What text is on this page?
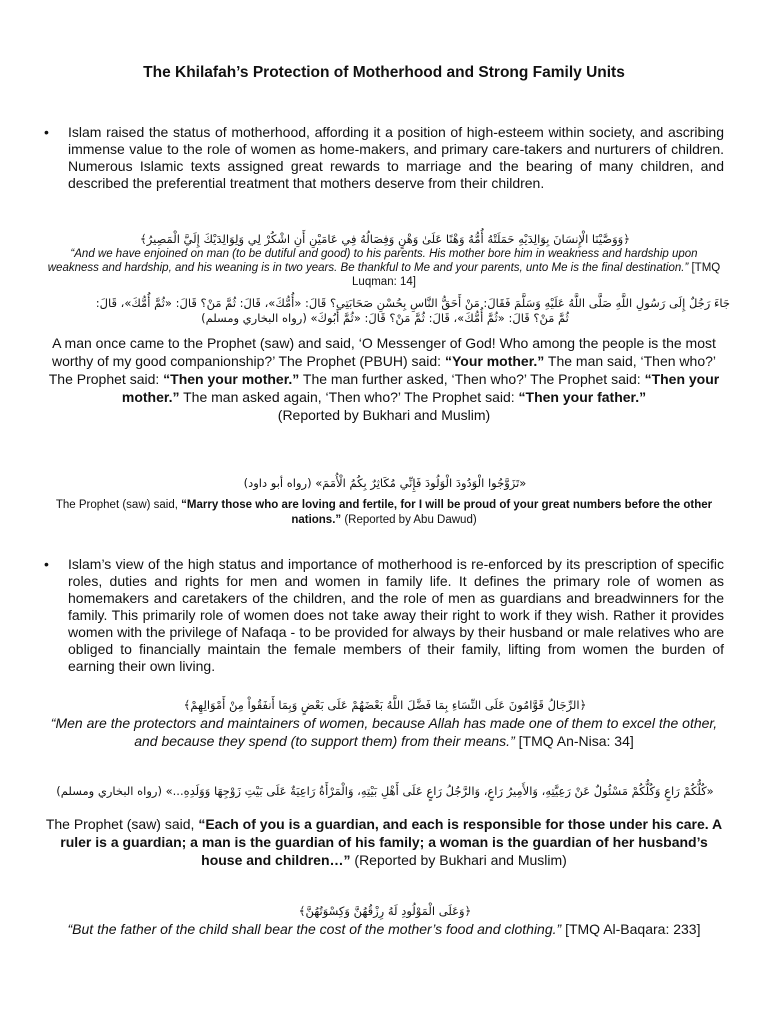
The Khilafah’s Protection of Motherhood and Strong Family Units
• Islam raised the status of motherhood, affording it a position of high-esteem within society, and ascribing immense value to the role of women as home-makers, and primary care-takers and nurturers of children. Numerous Islamic texts assigned great rewards to marriage and the bearing of many children, and described the preferential treatment that mothers deserve from their children.
﴿وَوَصَّيْنَا الْإِنسَانَ بِوَالِدَيْهِ حَمَلَتْهُ أُمُّهُ وَهْنًا عَلَىٰ وَهْنٍ وَفِصَالُهُ فِي عَامَيْنِ أَنِ اشْكُرْ لِي وَلِوَالِدَيْكَ إِلَيَّ الْمَصِيرُ﴾
“And we have enjoined on man (to be dutiful and good) to his parents. His mother bore him in weakness and hardship upon weakness and hardship, and his weaning is in two years. Be thankful to Me and your parents, unto Me is the final destination.” [TMQ Luqman: 14]
جَاءَ رَجُلٌ إِلَى رَسُولِ اللَّهِ صَلَّى اللَّهُ عَلَيْهِ وَسَلَّمَ فَقَالَ: مَنْ أَحَقُّ النَّاسِ بِحُسْنِ صَحَابَتِي؟ قَالَ: «أُمُّكَ»، قَالَ: ثُمَّ مَنْ؟ قَالَ: «ثُمَّ أُمُّكَ»، قَالَ:
ثُمَّ مَنْ؟ قَالَ: «ثُمَّ أُمُّكَ»، قَالَ: ثُمَّ مَنْ؟ قَالَ: «ثُمَّ أَبُوكَ» (رواه البخاري ومسلم)
A man once came to the Prophet (saw) and said, ‘O Messenger of God! Who among the people is the most worthy of my good companionship?’ The Prophet (PBUH) said: “Your mother.” The man said, ‘Then who?’ The Prophet said: “Then your mother.” The man further asked, ‘Then who?’ The Prophet said: “Then your mother.” The man asked again, ‘Then who?’ The Prophet said: “Then your father.”
(Reported by Bukhari and Muslim)
«تَزَوَّجُوا الْوَدُودَ الْوَلُودَ فَإِنِّي مُكَاثِرٌ بِكُمُ الْأُمَمَ» (رواه أبو داود)
The Prophet (saw) said, “Marry those who are loving and fertile, for I will be proud of your great numbers before the other nations.” (Reported by Abu Dawud)
• Islam’s view of the high status and importance of motherhood is re-enforced by its prescription of specific roles, duties and rights for men and women in family life. It defines the primary role of women as homemakers and caretakers of the children, and the role of men as guardians and breadwinners for the family. This primarily role of women does not take away their right to work if they wish. Rather it provides women with the privilege of Nafaqa - to be provided for always by their husband or male relatives who are obliged to financially maintain the female members of their family, lifting from women the burden of earning their own living.
﴿الرِّجَالُ قَوَّامُونَ عَلَى النِّسَاءِ بِمَا فَضَّلَ اللَّهُ بَعْضَهُمْ عَلَى بَعْضٍ وَبِمَا أَنفَقُواْ مِنْ أَمْوَالِهِمْ﴾
“Men are the protectors and maintainers of women, because Allah has made one of them to excel the other, and because they spend (to support them) from their means.” [TMQ An-Nisa: 34]
«كُلُّكُمْ رَاعٍ وَكُلُّكُمْ مَسْئُولٌ عَنْ رَعِيَّتِهِ، وَالأَمِيرُ رَاعٍ، وَالرَّجُلُ رَاعٍ عَلَى أَهْلِ بَيْتِهِ، وَالْمَرْأَةُ رَاعِيَةٌ عَلَى بَيْتِ زَوْجِهَا وَوَلَدِهِ...» (رواه البخاري ومسلم)
The Prophet (saw) said, “Each of you is a guardian, and each is responsible for those under his care. A ruler is a guardian; a man is the guardian of his family; a woman is the guardian of her husband’s house and children…” (Reported by Bukhari and Muslim)
﴿وَعَلَى الْمَوْلُودِ لَهُ رِزْقُهُنَّ وَكِسْوَتُهُنَّ﴾
“But the father of the child shall bear the cost of the mother’s food and clothing.” [TMQ Al-Baqara: 233]
